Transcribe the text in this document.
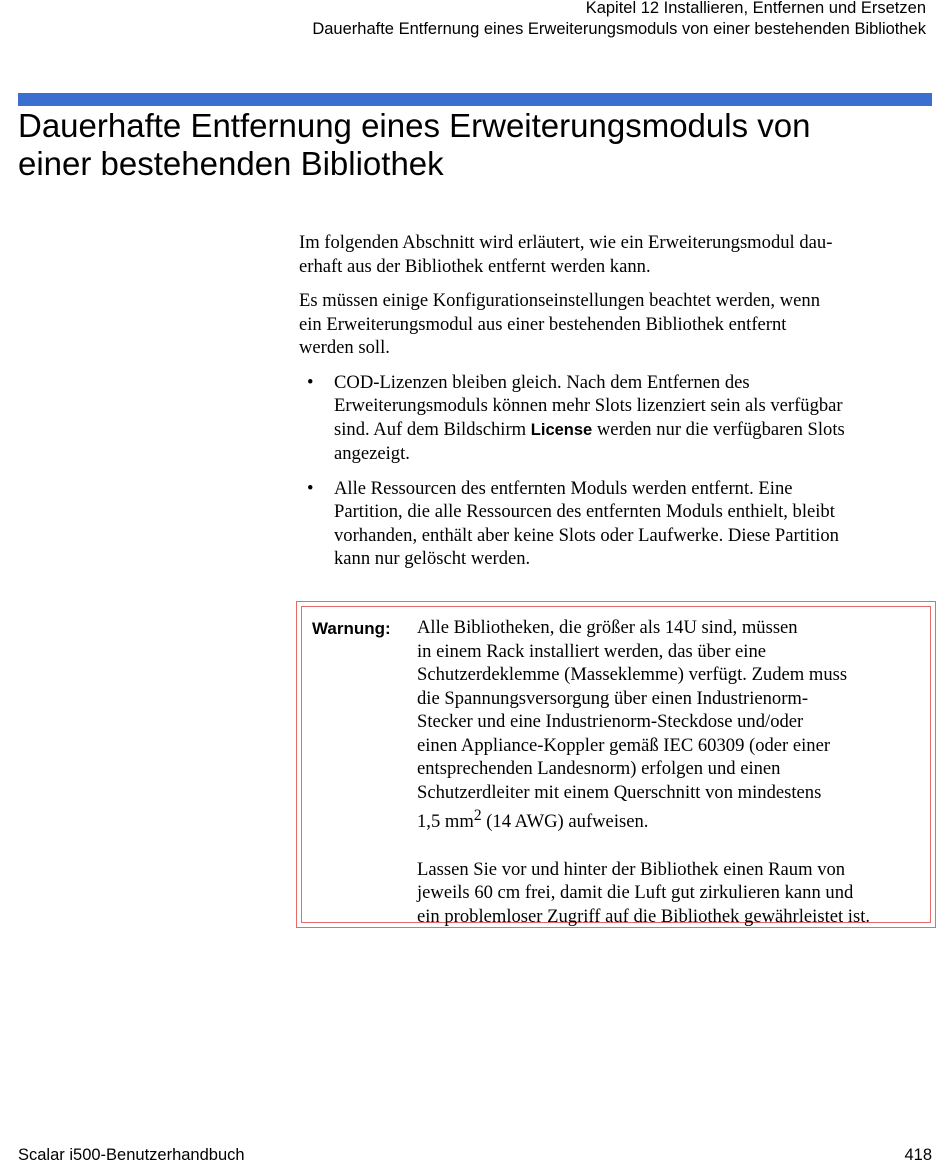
Kapitel 12 Installieren, Entfernen und Ersetzen
Dauerhafte Entfernung eines Erweiterungsmoduls von einer bestehenden Bibliothek
Dauerhafte Entfernung eines Erweiterungsmoduls von
einer bestehenden Bibliothek

Im folgenden Abschnitt wird erläutert, wie ein Erweiterungsmodul dau-
erhaft aus der Bibliothek entfernt werden kann.

Es müssen einige Konfigurationseinstellungen beachtet werden, wenn
ein Erweiterungsmodul aus einer bestehenden Bibliothek entfernt
werden soll.

• COD-Lizenzen bleiben gleich. Nach dem Entfernen des
Erweiterungsmoduls können mehr Slots lizenziert sein als verfügbar
sind. Auf dem Bildschirm License werden nur die verfügbaren Slots
angezeigt.
• Alle Ressourcen des entfernten Moduls werden entfernt. Eine
Partition, die alle Ressourcen des entfernten Moduls enthielt, bleibt
vorhanden, enthält aber keine Slots oder Laufwerke. Diese Partition
kann nur gelöscht werden.
Warnung: Alle Bibliotheken, die größer als 14U sind, müssen
in einem Rack installiert werden, das über eine
Schutzerdeklemme (Masseklemme) verfügt. Zudem muss
die Spannungsversorgung über einen Industrienorm-
Stecker und eine Industrienorm-Steckdose und/oder
einen Appliance-Koppler gemäß IEC 60309 (oder einer
entsprechenden Landesnorm) erfolgen und einen
Schutzerdleiter mit einem Querschnitt von mindestens
1,5 $mm^2$ (14 AWG) aufweisen.

Lassen Sie vor und hinter der Bibliothek einen Raum von
jeweils 60 cm frei, damit die Luft gut zirkulieren kann und
ein problemloser Zugriff auf die Bibliothek gewährleistet ist.

Scalar i500-Benutzerhandbuch	418
